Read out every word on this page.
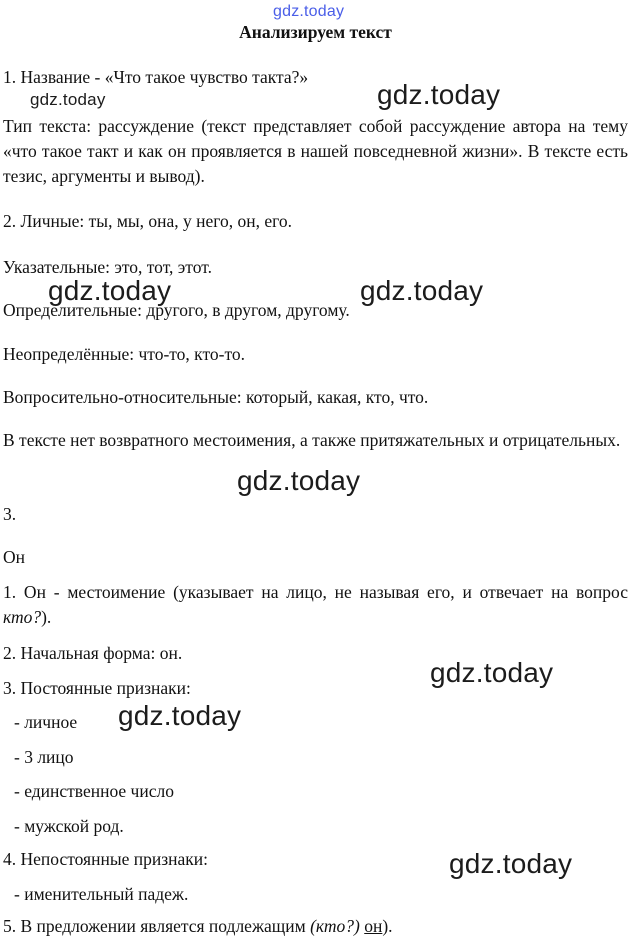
gdz.today
Анализируем текст
1. Название - «Что такое чувство такта?»
gdz.today	gdz.today
Тип текста: рассуждение (текст представляет собой рассуждение автора на тему «что такое такт и как он проявляется в нашей повседневной жизни». В тексте есть тезис, аргументы и вывод).
2. Личные: ты, мы, она, у него, он, его.
Указательные: это, тот, этот.
gdz.today	gdz.today
Определительные: другого, в другом, другому.
Неопределённые: что-то, кто-то.
Вопросительно-относительные: который, какая, кто, что.
В тексте нет возвратного местоимения, а также притяжательных и отрицательных.
gdz.today
3.
Он
1. Он - местоимение (указывает на лицо, не называя его, и отвечает на вопрос кто?).
2. Начальная форма: он.
gdz.today
3. Постоянные признаки:
- личное gdz.today
- 3 лицо
- единственное число
- мужской род.
4. Непостоянные признаки:	gdz.today
- именительный падеж.
5. В предложении является подлежащим (кто?) он).
